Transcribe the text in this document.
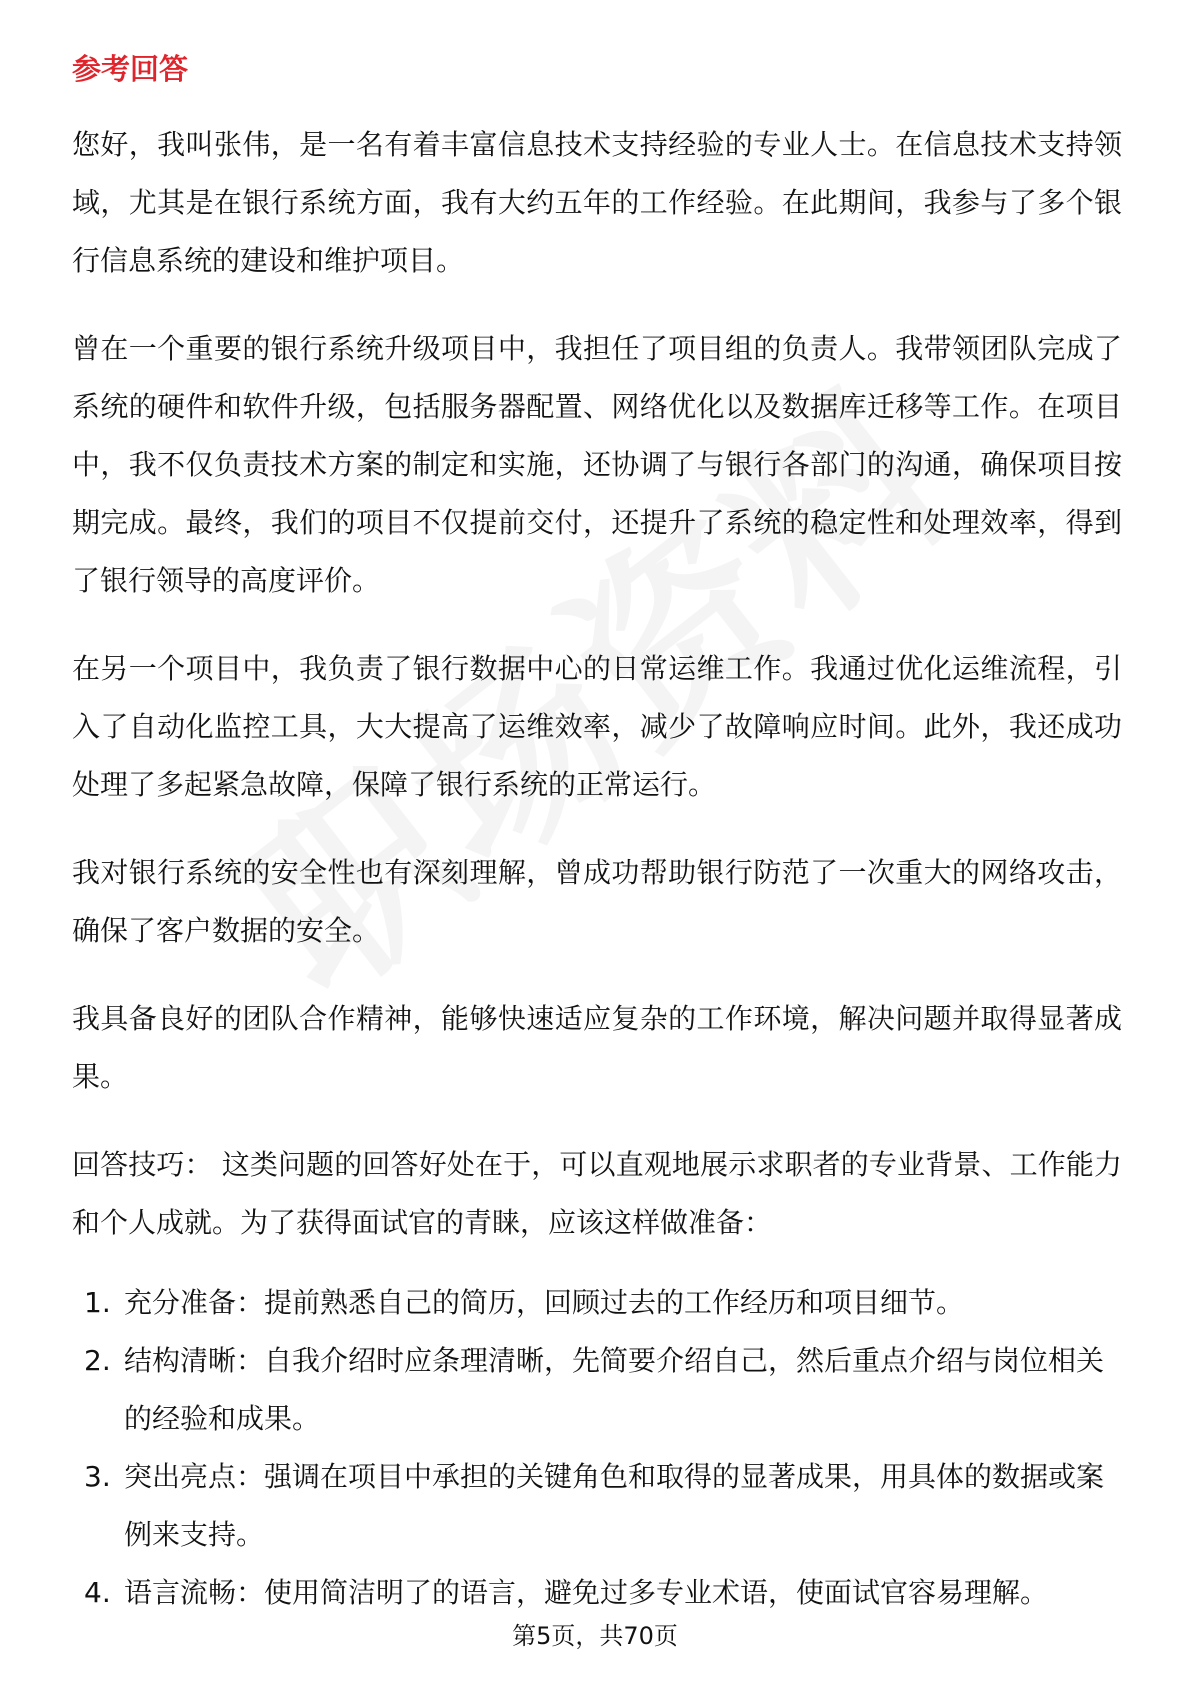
参考回答

您好，我叫张伟，是一名有着丰富信息技术支持经验的专业人士。在信息技术支持领域，尤其是在银行系统方面，我有大约五年的工作经验。在此期间，我参与了多个银行信息系统的建设和维护项目。

曾在一个重要的银行系统升级项目中，我担任了项目组的负责人。我带领团队完成了系统的硬件和软件升级，包括服务器配置、网络优化以及数据库迁移等工作。在项目中，我不仅负责技术方案的制定和实施，还协调了与银行各部门的沟通，确保项目按期完成。最终，我们的项目不仅提前交付，还提升了系统的稳定性和处理效率，得到了银行领导的高度评价。

在另一个项目中，我负责了银行数据中心的日常运维工作。我通过优化运维流程，引入了自动化监控工具，大大提高了运维效率，减少了故障响应时间。此外，我还成功处理了多起紧急故障，保障了银行系统的正常运行。

我对银行系统的安全性也有深刻理解，曾成功帮助银行防范了一次重大的网络攻击，确保了客户数据的安全。

我具备良好的团队合作精神，能够快速适应复杂的工作环境，解决问题并取得显著成果。

回答技巧： 这类问题的回答好处在于，可以直观地展示求职者的专业背景、工作能力和个人成就。为了获得面试官的青睐，应该这样做准备：

1. 充分准备：提前熟悉自己的简历，回顾过去的工作经历和项目细节。
2. 结构清晰：自我介绍时应条理清晰，先简要介绍自己，然后重点介绍与岗位相关的经验和成果。
3. 突出亮点：强调在项目中承担的关键角色和取得的显著成果，用具体的数据或案例来支持。
4. 语言流畅：使用简洁明了的语言，避免过多专业术语，使面试官容易理解。
第5页，共70页
